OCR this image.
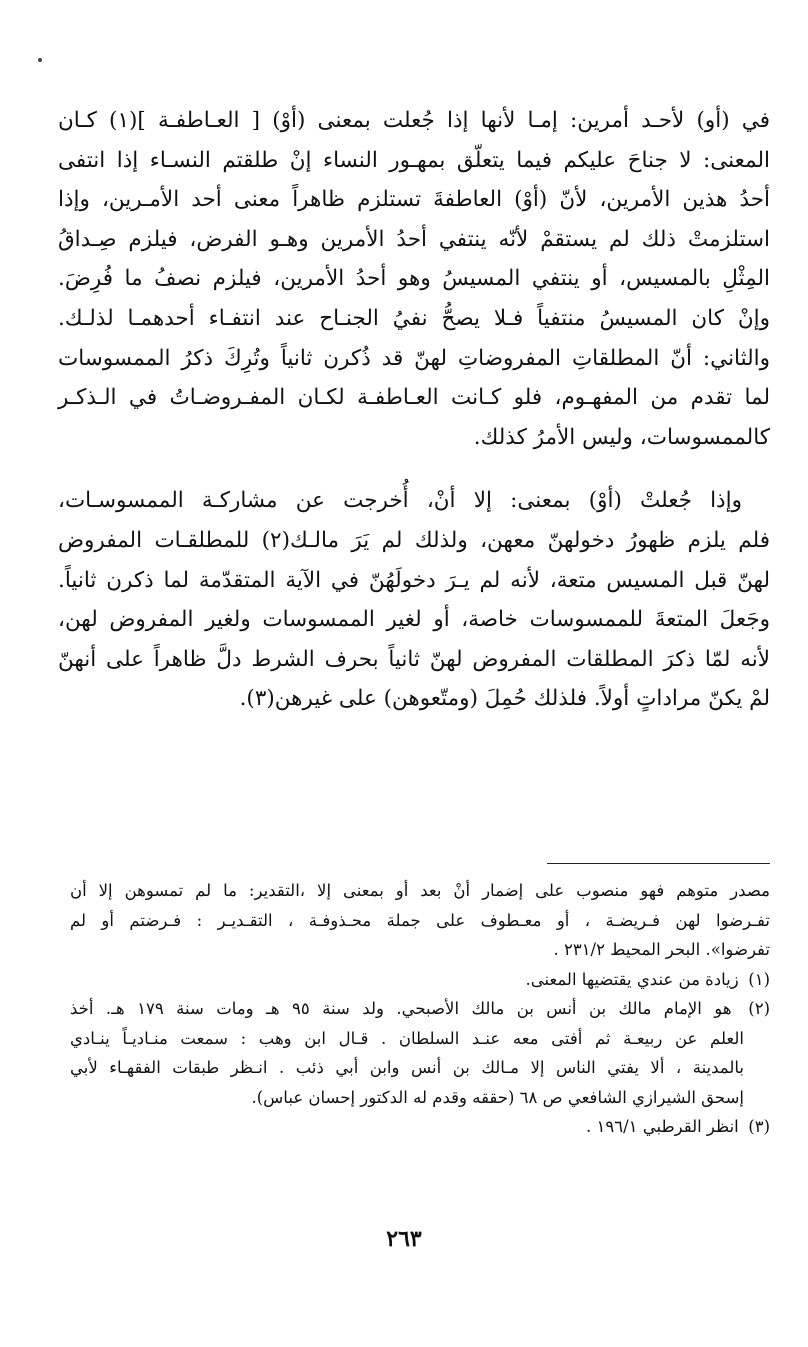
في (أو) لأحـد أمرين: إمـا لأنها إذا جُعلت بمعنى (أوْ) [ العـاطفـة ](١) كـان

المعنى: لا جناحَ عليكم فيما يتعلّق بمهـور النساء إنْ طلقتم النسـاء إذا انتفى

أحدُ هذين الأمرين، لأنّ (أوْ) العاطفةَ تستلزم ظاهراً معنى أحد الأمـرين، وإذا

استلزمتْ ذلك لم يستقمْ لأنّه ينتفي أحدُ الأمرين وهـو الفرض، فيلزم صِـداقُ

المِثْلِ بالمسيس، أو ينتفي المسيسُ وهو أحدُ الأمرين، فيلزم نصفُ ما فُرِضَ.

وإنْ كان المسيسُ منتفياً فـلا يصحُّ نفيُ الجنـاح عند انتفـاء أحدهمـا لذلـك.

والثاني: أنّ المطلقاتِ المفروضاتِ لهنّ قد ذُكرن ثانياً وتُرِكَ ذكرُ الممسوسات

لما تقدم من المفهـوم، فلو كـانت العـاطفـة لكـان المفـروضـاتُ في الـذكـر

كالممسوسات، وليس الأمرُ كذلك.

وإذا جُعلتْ (أوْ) بمعنى: إلا أنْ، أُخرجت عن مشاركـة الممسوسـات،

فلم يلزم ظهورُ دخولهنّ معهن، ولذلك لم يَرَ مالـك(٢) للمطلقـات المفروض

لهنّ قبل المسيس متعة، لأنه لم يـرَ دخولَهُنّ في الآية المتقدّمة لما ذكرن ثانياً.

وجَعلَ المتعةَ للممسوسات خاصة، أو لغير الممسوسات ولغير المفروض لهن،

لأنه لمّا ذكرَ المطلقات المفروض لهنّ ثانياً بحرف الشرط دلَّ ظاهراً على أنهنّ

لمْ يكنّ مراداتٍ أولاً. فلذلك حُمِلَ (ومتّعوهن) على غيرهن(٣).

مصدر متوهم فهو منصوب على إضمار أنْ بعد أو بمعنى إلا ،التقدير: ما لم تمسوهن إلا أن

تفـرضوا لهن فـريضـة ، أو معـطوف على جملة محـذوفـة ، التقـديـر : فـرضتم أو لم

تفرضوا». البحر المحيط ٢٣١/٢ .

(١) زيادة من عندي يقتضيها المعنى.

(٢) هو الإمام مالك بن أنس بن مالك الأصبحي. ولد سنة ٩٥ هـ ومات سنة ١٧٩ هـ. أخذ

العلم عن ربيعـة ثم أفتى معه عنـد السلطان . قـال ابن وهب : سمعت منـاديـاً ينـادي

بالمدينة ، ألا يفتي الناس إلا مـالك بن أنس وابن أبي ذئب . انـظر طبقات الفقهـاء لأبي

إسحق الشيرازي الشافعي ص ٦٨ (حققه وقدم له الدكتور إحسان عباس).

(٣) انظر القرطبي ١٩٦/١ .

٢٦٣
